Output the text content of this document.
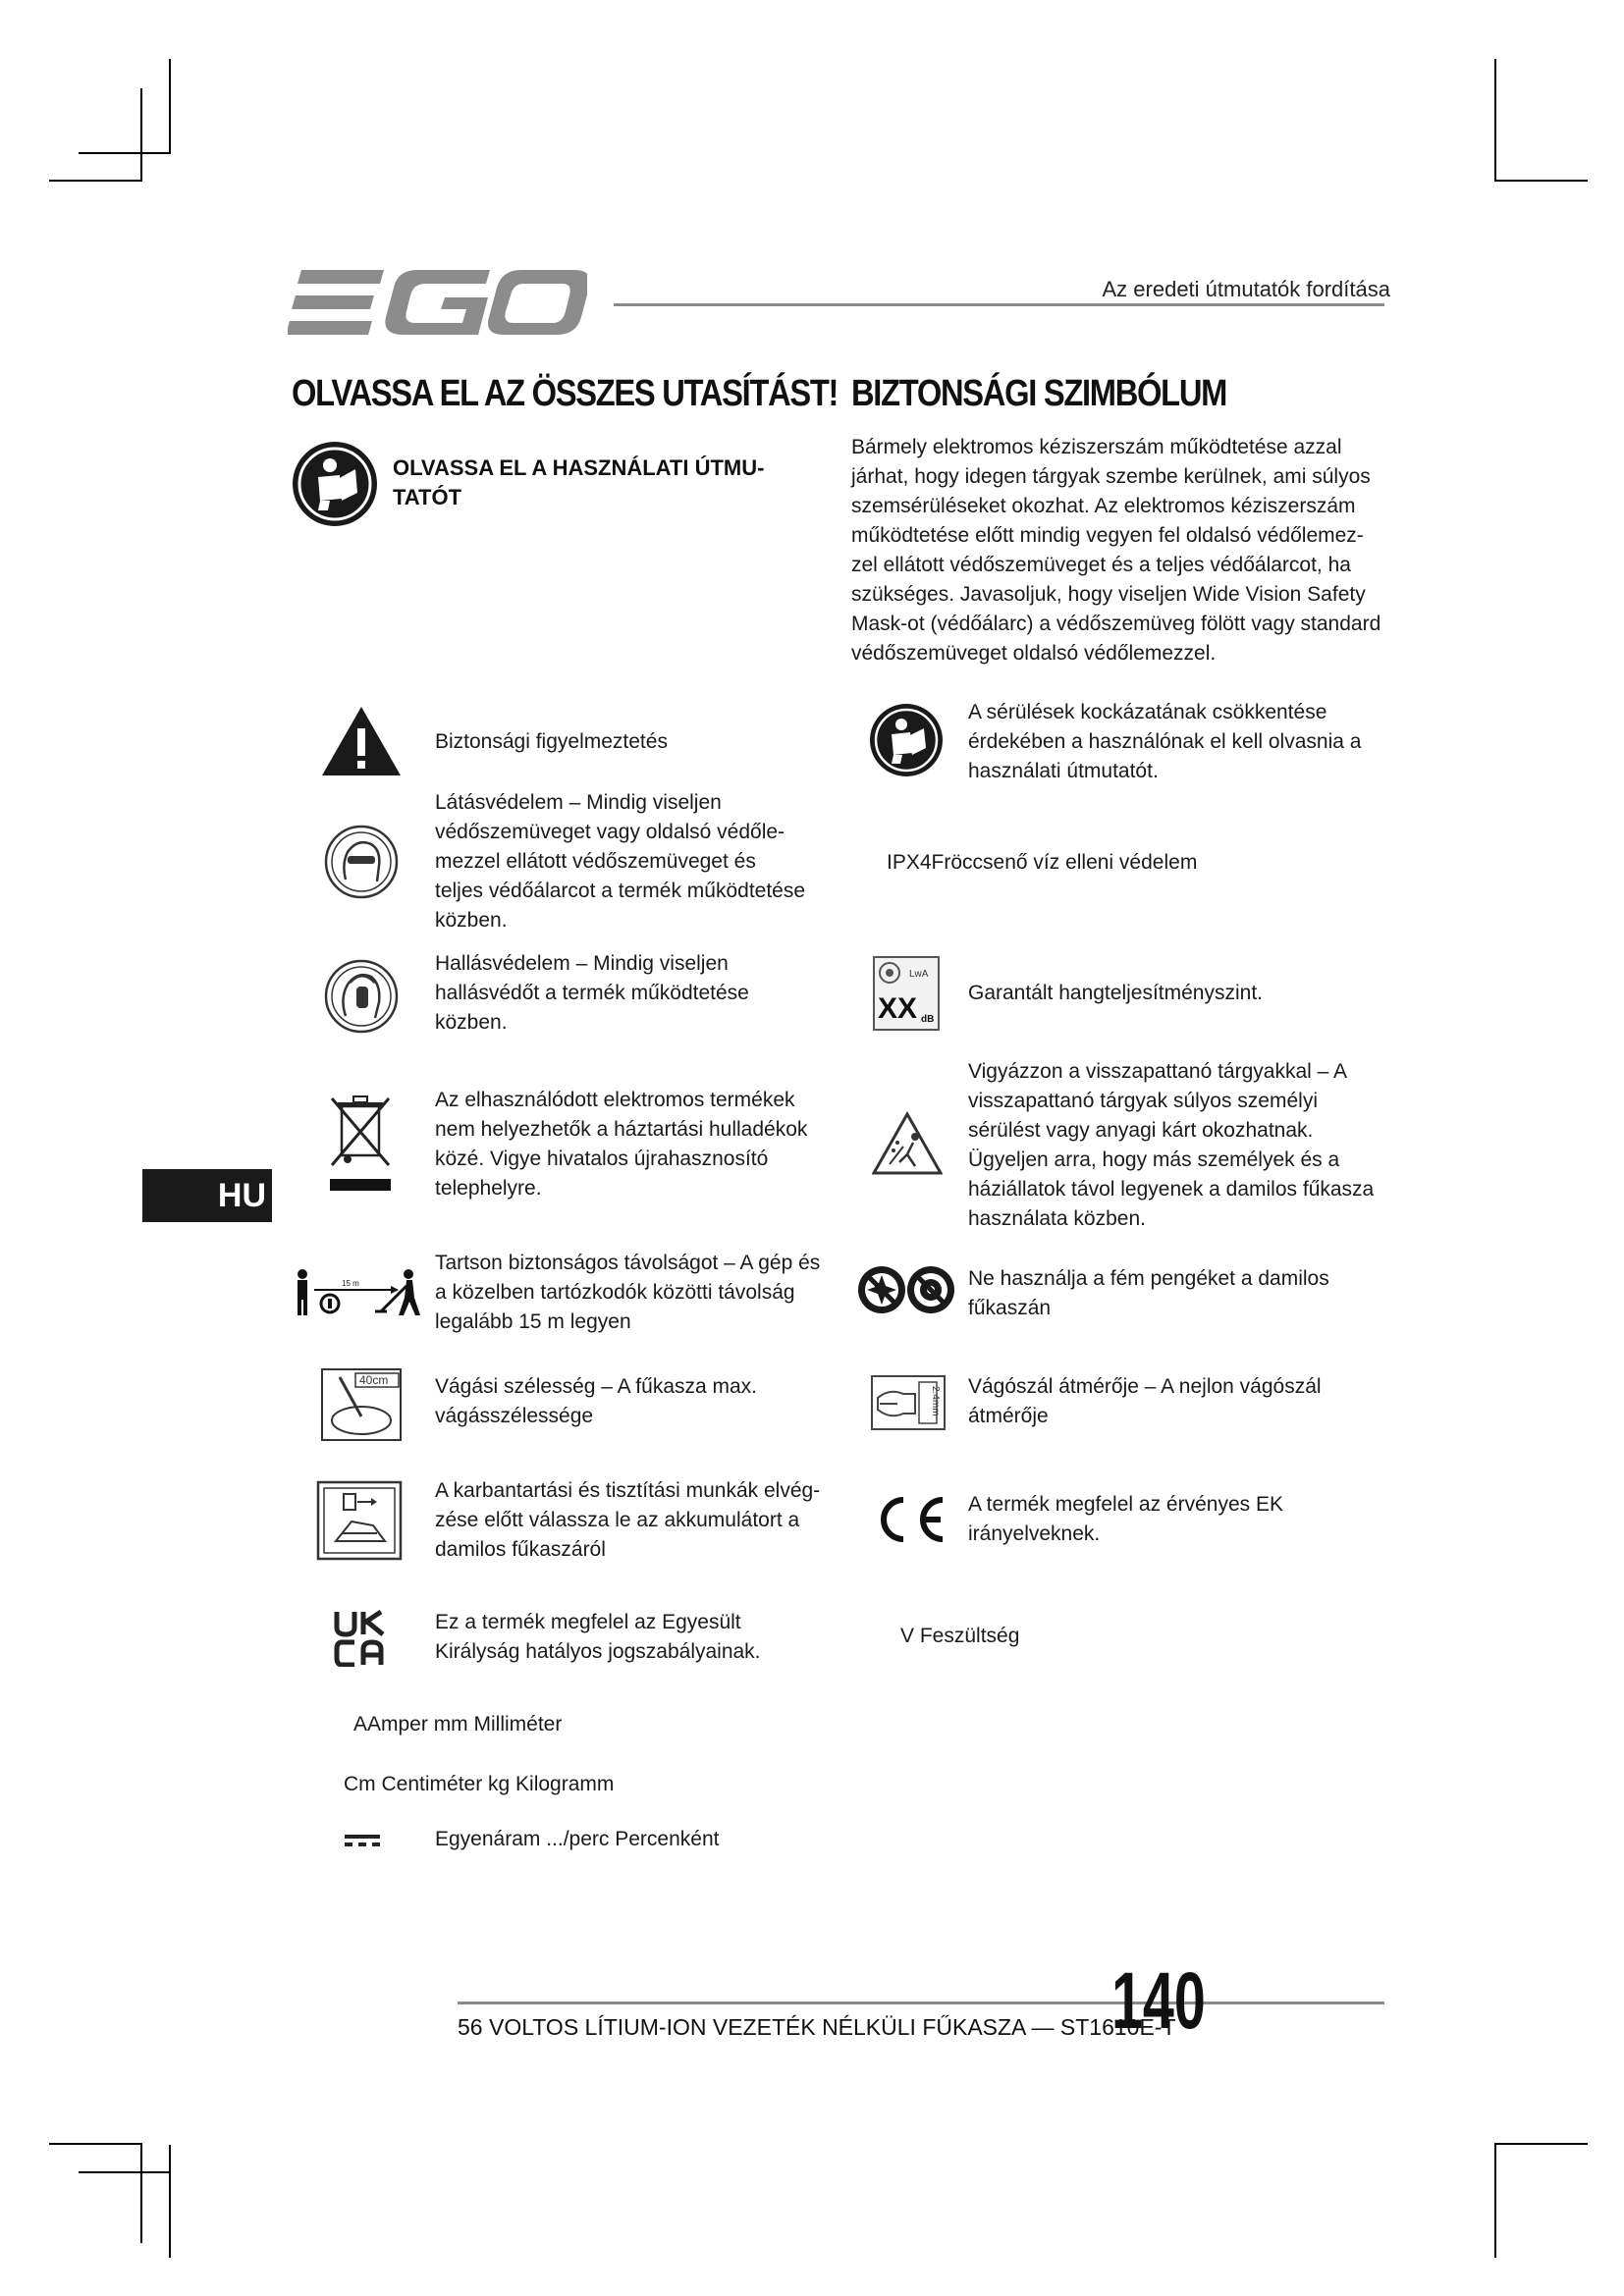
Az eredeti útmutatók fordítása
OLVASSA EL AZ ÖSSZES UTASÍTÁST! BIZTONSÁGI SZIMBÓLUM
OLVASSA EL A HASZNÁLATI ÚTMU-
TATÓT
Bármely elektromos kéziszerszám működtetése azzal
járhat, hogy idegen tárgyak szembe kerülnek, ami súlyos
szemsérüléseket okozhat. Az elektromos kéziszerszám
működtetése előtt mindig vegyen fel oldalsó védőlemez-
zel ellátott védőszemüveget és a teljes védőálarcot, ha
szükséges. Javasoljuk, hogy viseljen Wide Vision Safety
Mask-ot (védőálarc) a védőszemüveg fölött vagy standard
védőszemüveget oldalsó védőlemezzel.
Biztonsági figyelmeztetés
Látásvédelem – Mindig viseljen
védőszemüveget vagy oldalsó védőle-
mezzel ellátott védőszemüveget és
teljes védőálarcot a termék működtetése
közben.
Hallásvédelem – Mindig viseljen
hallásvédőt a termék működtetése
közben.
Az elhasználódott elektromos termékek
nem helyezhetők a háztartási hulladékok
közé. Vigye hivatalos újrahasznosító
telephelyre.
15 m
Tartson biztonságos távolságot – A gép és
a közelben tartózkodók közötti távolság
legalább 15 m legyen
40cm Vágási szélesség – A fűkasza max.
vágásszélessége
A karbantartási és tisztítási munkák elvég-
zése előtt válassza le az akkumulátort a
damilos fűkaszáról
Ez a termék megfelel az Egyesült
Királyság hatályos jogszabályainak.
A sérülések kockázatának csökkentése
érdekében a használónak el kell olvasnia a
használati útmutatót.
IPX4Fröccsenő víz elleni védelem
LwA
XX dB
Garantált hangteljesítményszint.
Vigyázzon a visszapattanó tárgyakkal – A
visszapattanó tárgyak súlyos személyi
sérülést vagy anyagi kárt okozhatnak.
Ügyeljen arra, hogy más személyek és a
háziállatok távol legyenek a damilos fűkasza
használata közben.
Ne használja a fém pengéket a damilos
fűkaszán
2.4mm Vágószál átmérője – A nejlon vágószál
átmérője
A termék megfelel az érvényes EK
irányelveknek.
V Feszültség
AAmper mm Milliméter
Cm Centiméter kg Kilogramm
Egyenáram .../perc Percenként
HU
56 VOLTOS LÍTIUM-ION VEZETÉK NÉLKÜLI FŰKASZA — ST1610E-T
140
